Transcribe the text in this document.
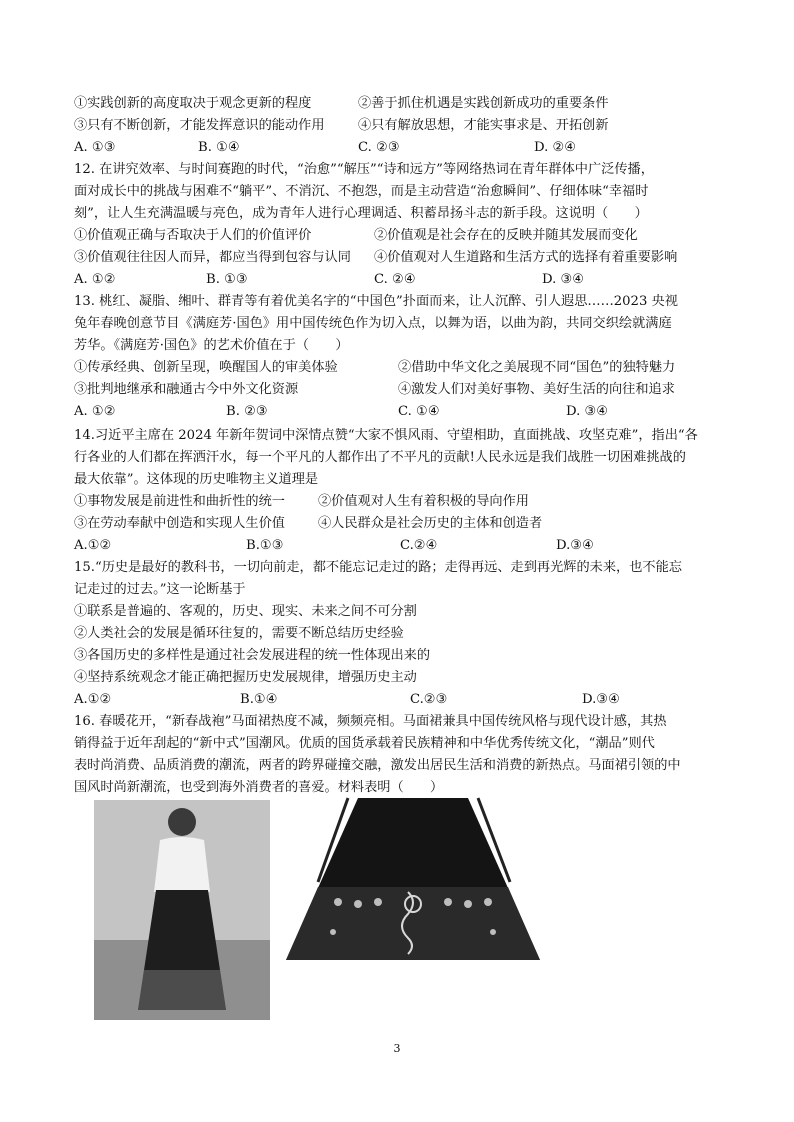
①实践创新的高度取决于观念更新的程度	②善于抓住机遇是实践创新成功的重要条件
③只有不断创新，才能发挥意识的能动作用	④只有解放思想，才能实事求是、开拓创新
A. ①③	B. ①④	C. ②③	D. ②④
12. 在讲究效率、与时间赛跑的时代，“治愈”“解压”“诗和远方”等网络热词在青年群体中广泛传播，
面对成长中的挑战与困难不“躺平”、不消沉、不抱怨，而是主动营造“治愈瞬间”、仔细体味“幸福时
刻”，让人生充满温暖与亮色，成为青年人进行心理调适、积蓄昂扬斗志的新手段。这说明（　　）
①价值观正确与否取决于人们的价值评价	②价值观是社会存在的反映并随其发展而变化
③价值观往往因人而异，都应当得到包容与认同 ④价值观对人生道路和生活方式的选择有着重要影响
A. ①②	B. ①③	C. ②④	D. ③④
13. 桃红、凝脂、缃叶、群青等有着优美名字的“中国色”扑面而来，让人沉醉、引人遐思……2023 央视
兔年春晚创意节目《满庭芳·国色》用中国传统色作为切入点，以舞为语，以曲为韵，共同交织绘就满庭
芳华。《满庭芳·国色》的艺术价值在于（　　）
①传承经典、创新呈现，唤醒国人的审美体验	②借助中华文化之美展现不同“国色”的独特魅力
③批判地继承和融通古今中外文化资源	④激发人们对美好事物、美好生活的向往和追求
A. ①②	B. ②③	C. ①④	D. ③④
14.习近平主席在 2024 年新年贺词中深情点赞“大家不惧风雨、守望相助，直面挑战、攻坚克难”，指出“各
行各业的人们都在挥洒汗水，每一个平凡的人都作出了不平凡的贡献!人民永远是我们战胜一切困难挑战的
最大依靠”。这体现的历史唯物主义道理是
①事物发展是前进性和曲折性的统一	②价值观对人生有着积极的导向作用
③在劳动奉献中创造和实现人生价值	④人民群众是社会历史的主体和创造者
A.①②	B.①③	C.②④	D.③④
15.“历史是最好的教科书，一切向前走，都不能忘记走过的路；走得再远、走到再光辉的未来，也不能忘
记走过的过去。”这一论断基于
①联系是普遍的、客观的，历史、现实、未来之间不可分割
②人类社会的发展是循环往复的，需要不断总结历史经验
③各国历史的多样性是通过社会发展进程的统一性体现出来的
④坚持系统观念才能正确把握历史发展规律，增强历史主动
A.①②	B.①④	C.②③	D.③④
16. 春暖花开，“新春战袍”马面裙热度不减，频频亮相。马面裙兼具中国传统风格与现代设计感，其热
销得益于近年刮起的“新中式”国潮风。优质的国货承载着民族精神和中华优秀传统文化，“潮品”则代
表时尚消费、品质消费的潮流，两者的跨界碰撞交融，激发出居民生活和消费的新热点。马面裙引领的中
国风时尚新潮流，也受到海外消费者的喜爱。材料表明（　　）
3
